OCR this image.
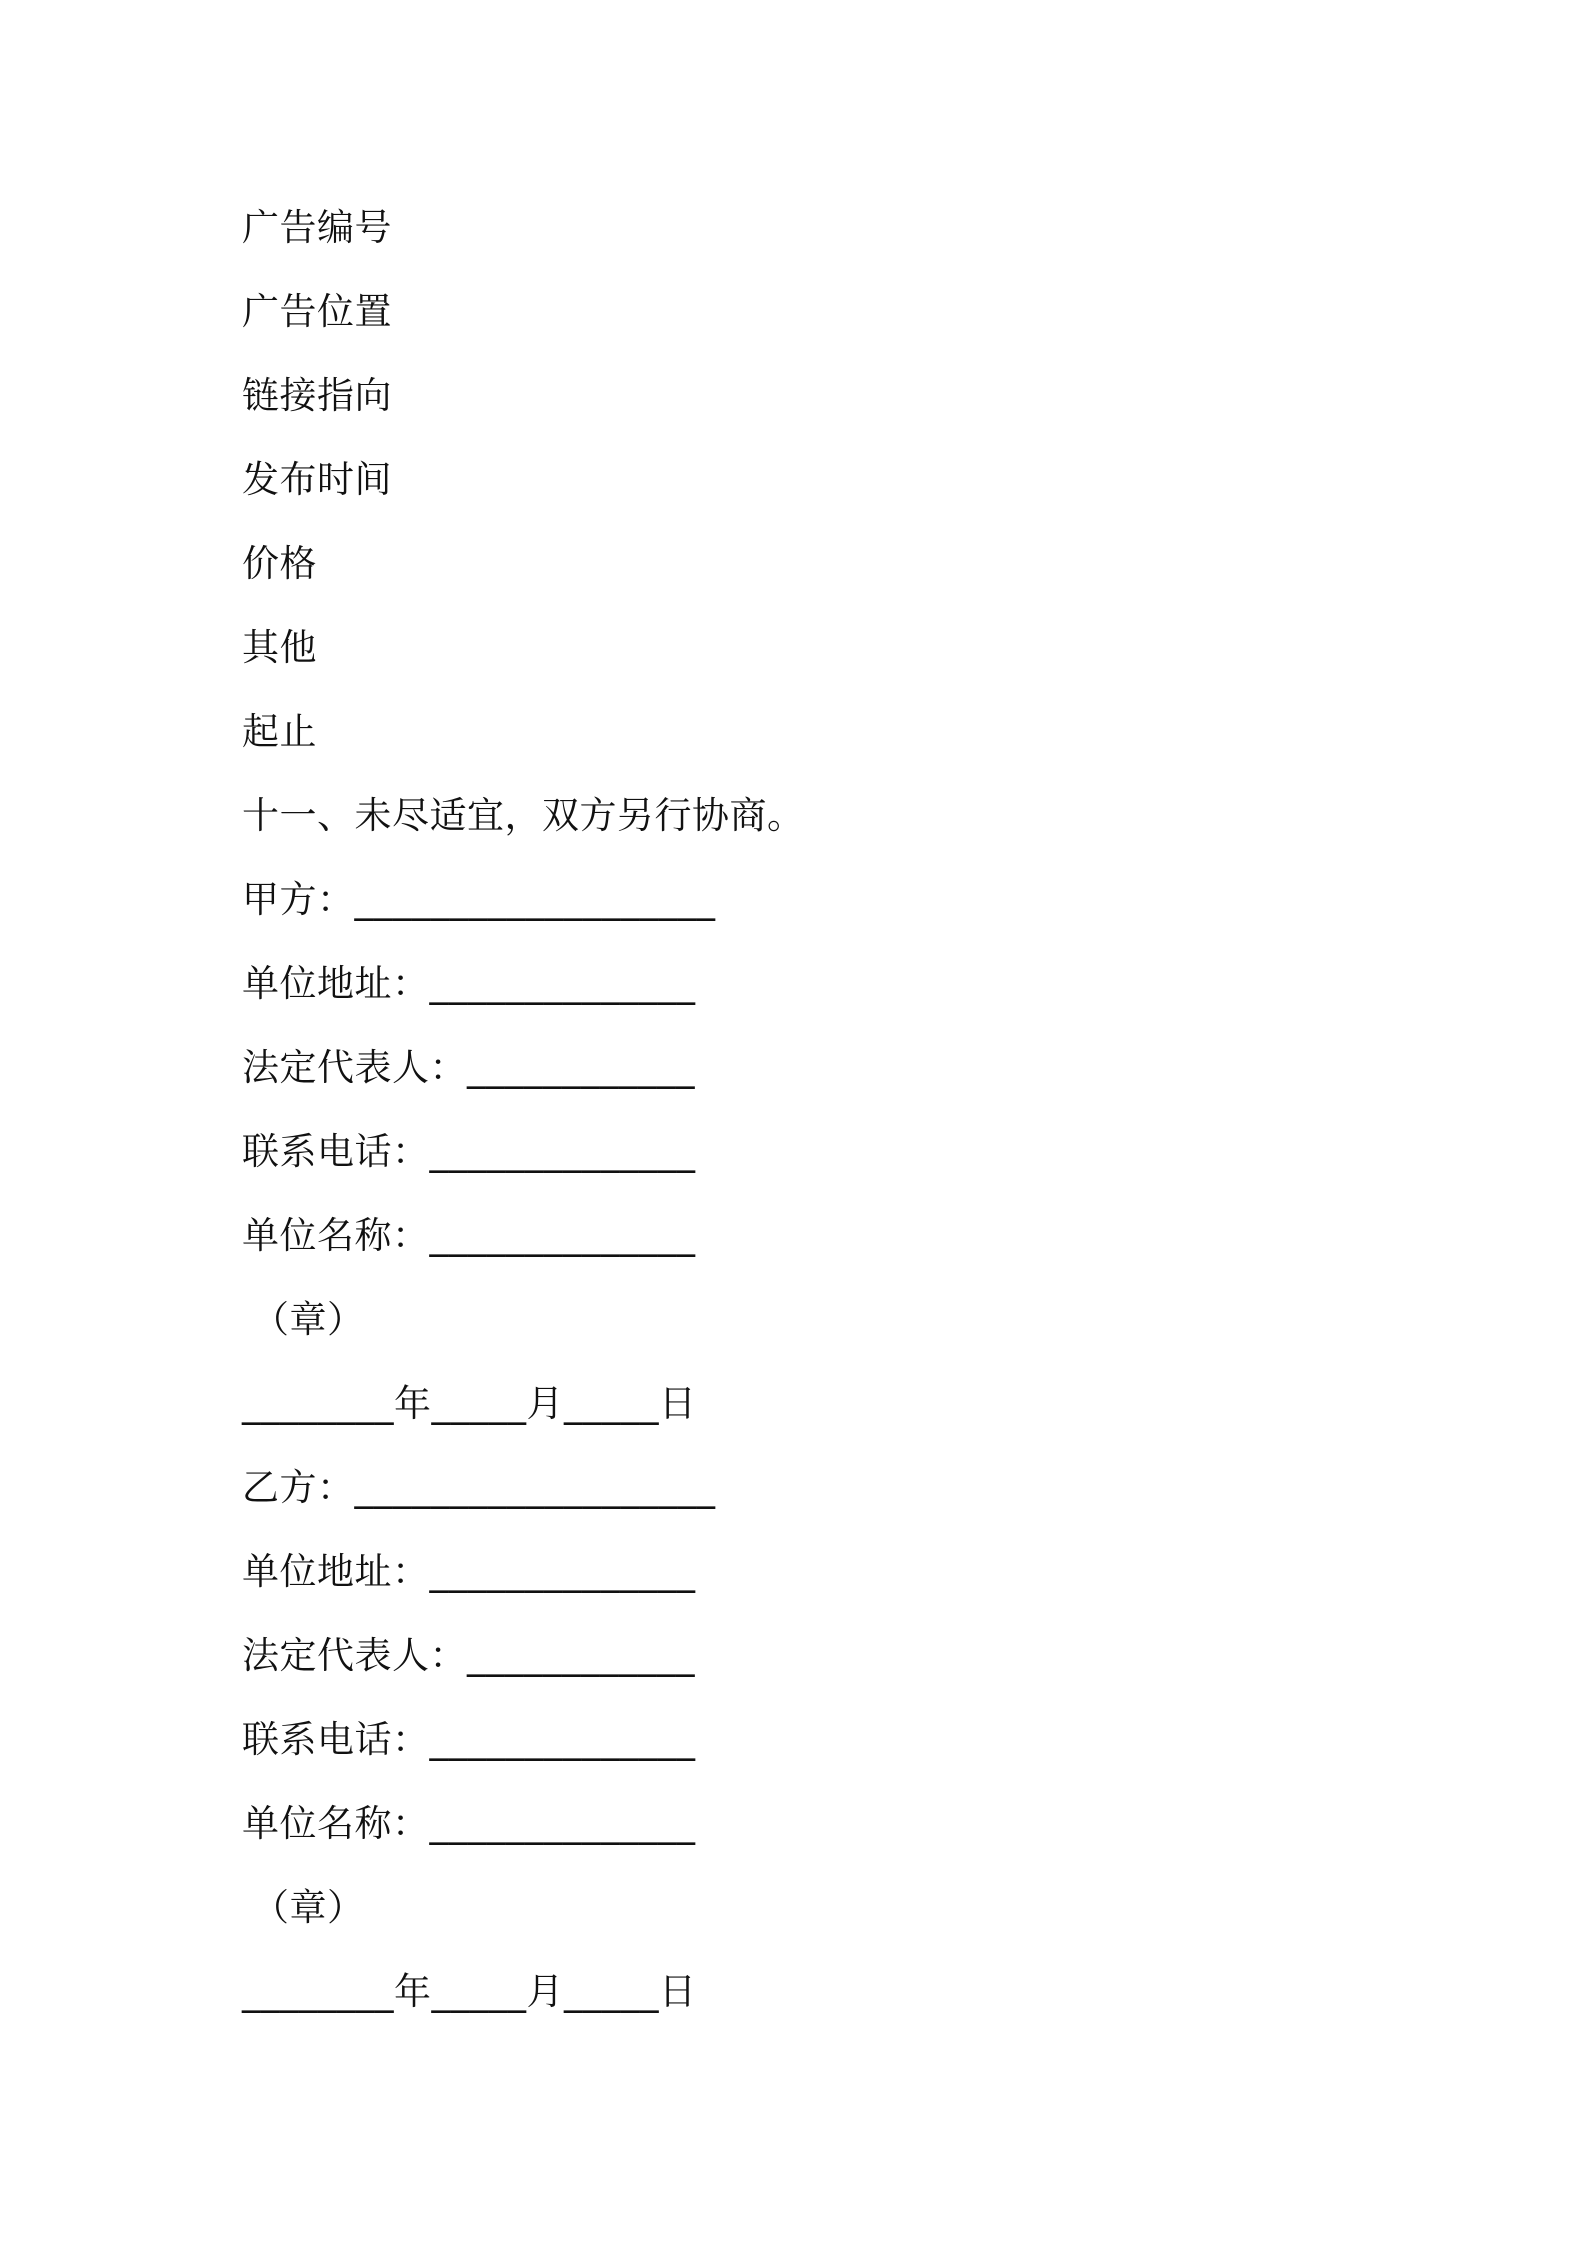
广告编号
广告位置
链接指向
发布时间
价格
其他
起止
十一、未尽适宜，双方另行协商。
甲方：___________________
单位地址：______________
法定代表人：____________
联系电话：______________
单位名称：______________
（章）
________年_____月_____日
乙方：___________________
单位地址：______________
法定代表人：____________
联系电话：______________
单位名称：______________
（章）
________年_____月_____日
